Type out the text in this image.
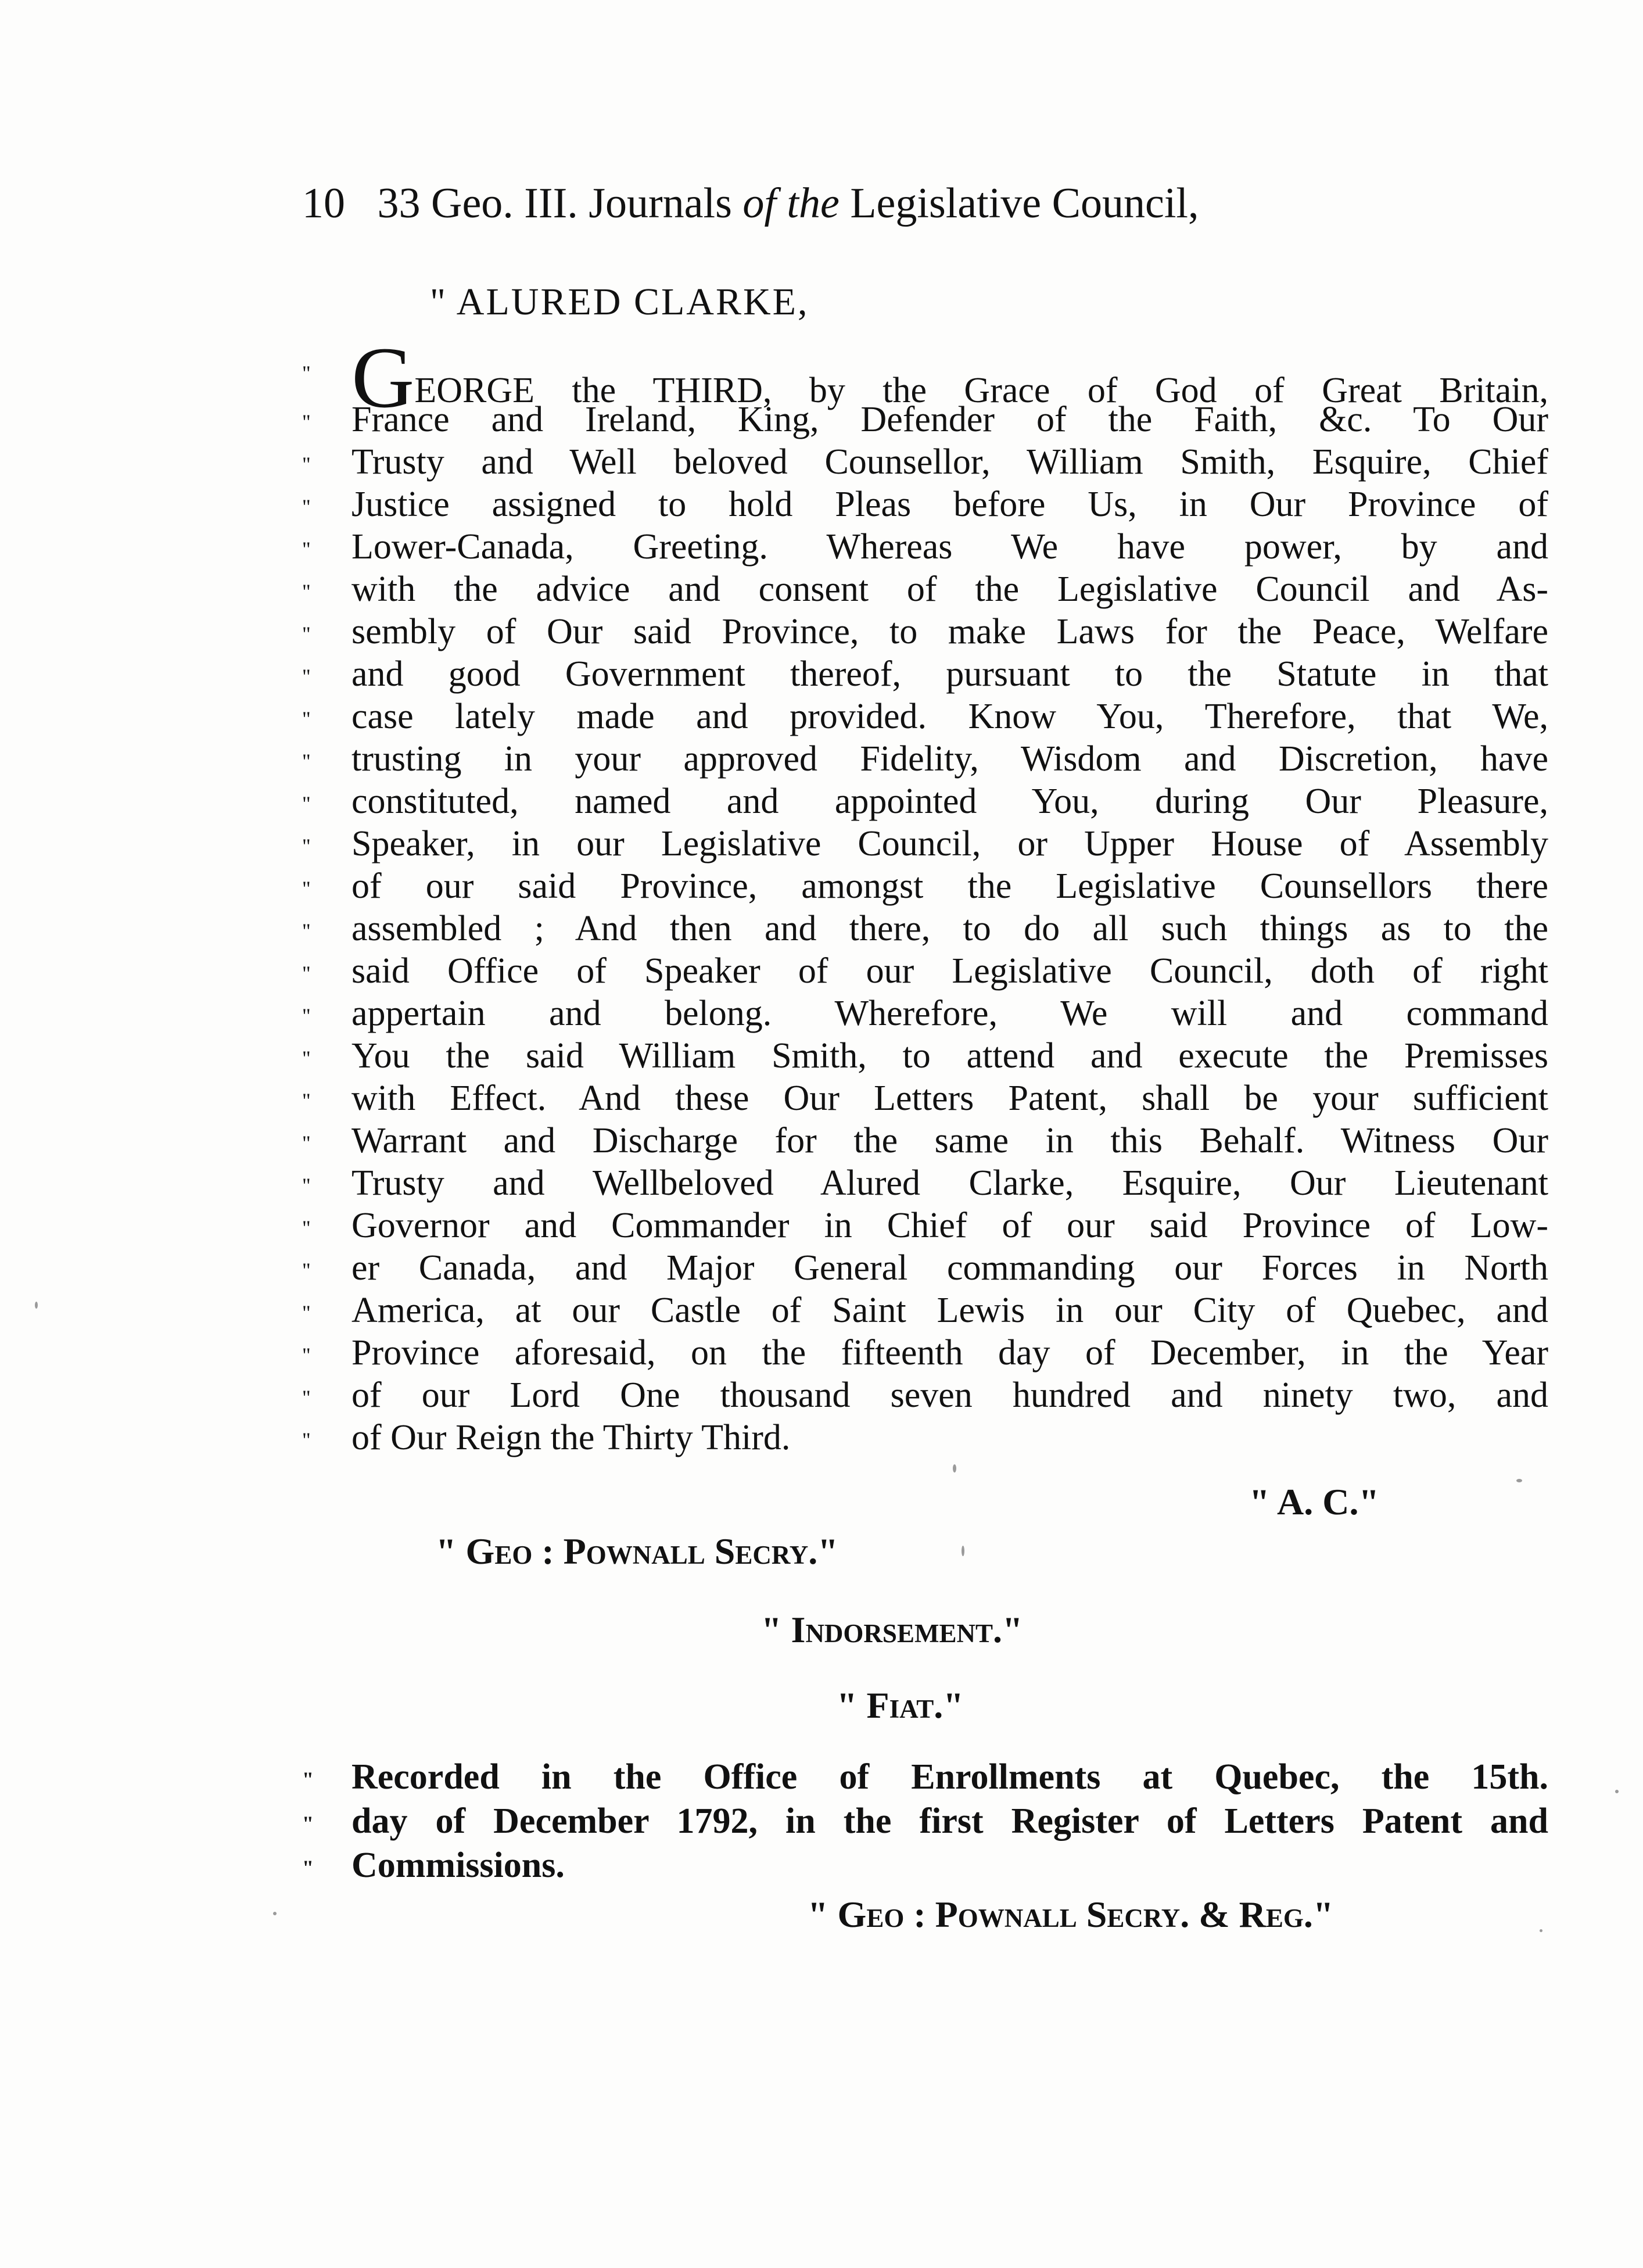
10 33 Geo. III. Journals of the Legislative Council,
" ALURED CLARKE,
" GEORGE the THIRD, by the Grace of God of Great Britain,
"	France and Ireland, King, Defender of the Faith, &c. To Our
"	Trusty and Well beloved Counsellor, William Smith, Esquire, Chief
"	Justice assigned to hold Pleas before Us, in Our Province of
"	Lower-Canada, Greeting. Whereas We have power, by and
"	with the advice and consent of the Legislative Council and As-
"	sembly of Our said Province, to make Laws for the Peace, Welfare
"	and good Government thereof, pursuant to the Statute in that
"	case lately made and provided. Know You, Therefore, that We,
"	trusting in your approved Fidelity, Wisdom and Discretion, have
"	constituted, named and appointed You, during Our Pleasure,
"	Speaker, in our Legislative Council, or Upper House of Assembly
"	of our said Province, amongst the Legislative Counsellors there
"	assembled ; And then and there, to do all such things as to the
"	said Office of Speaker of our Legislative Council, doth of right
"	appertain and belong. Wherefore, We will and command
"	You the said William Smith, to attend and execute the Premisses
"	with Effect. And these Our Letters Patent, shall be your sufficient
"	Warrant and Discharge for the same in this Behalf. Witness Our
"	Trusty and Wellbeloved Alured Clarke, Esquire, Our Lieutenant
"	Governor and Commander in Chief of our said Province of Low-
"	er Canada, and Major General commanding our Forces in North
"	America, at our Castle of Saint Lewis in our City of Quebec, and
"	Province aforesaid, on the fifteenth day of December, in the Year
"	of our Lord One thousand seven hundred and ninety two, and
"	of Our Reign the Thirty Third.
" A. C."
" Geo : Pownall Secry."
" Indorsement."
" Fiat."
"	Recorded in the Office of Enrollments at Quebec, the 15th.
"	day of December 1792, in the first Register of Letters Patent and
"	Commissions.
" Geo : Pownall Secry. & Reg."
